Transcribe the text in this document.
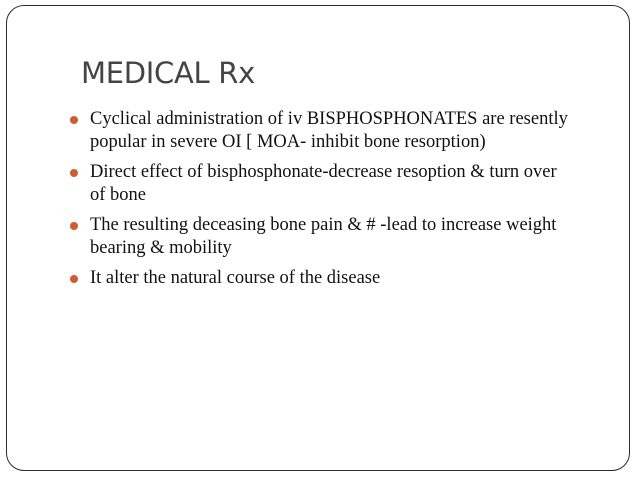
MEDICAL Rx
Cyclical administration of iv BISPHOSPHONATES are resently popular in severe OI [ MOA- inhibit bone resorption)
Direct effect of bisphosphonate-decrease resoption & turn over of bone
The resulting deceasing bone pain & # -lead to increase weight bearing & mobility
It alter the natural course of the disease
